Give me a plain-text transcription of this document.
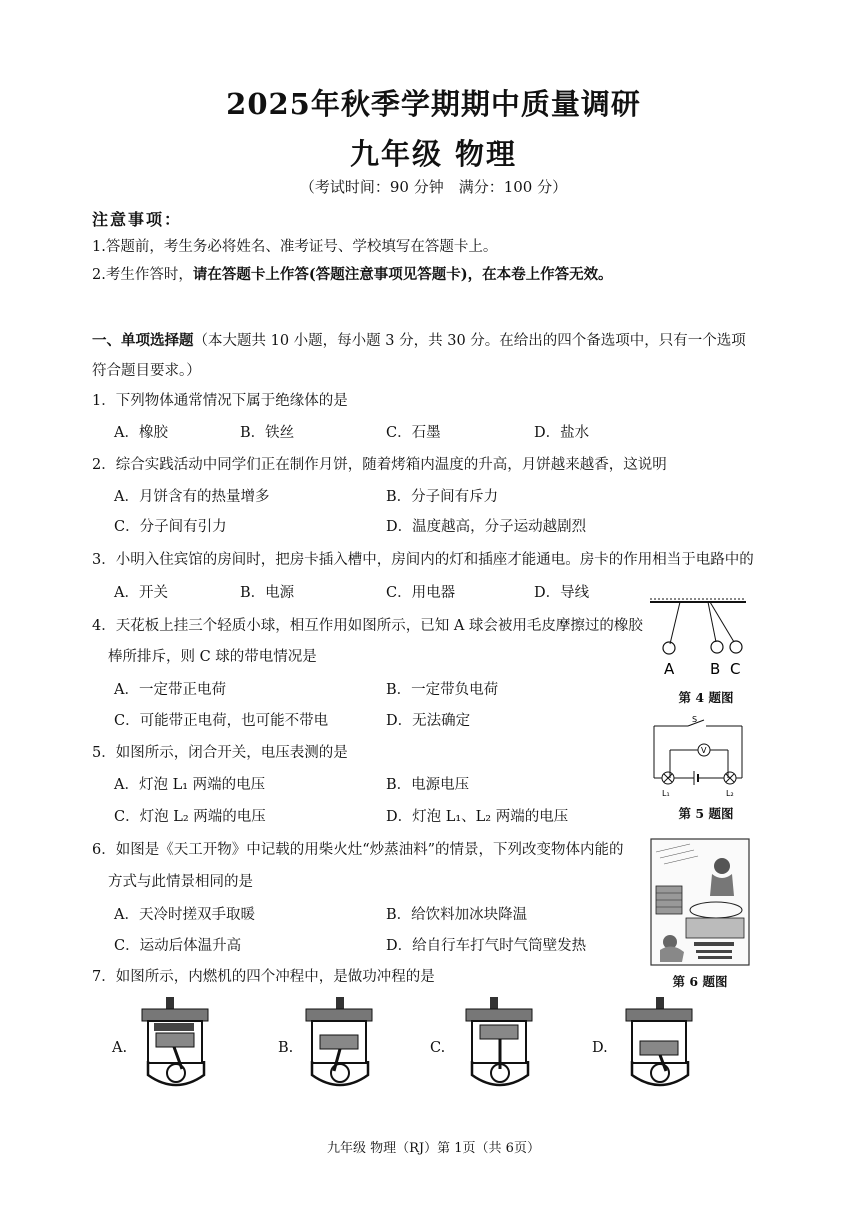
2025年秋季学期期中质量调研
九年级 物理
（考试时间：90 分钟　满分：100 分）
注意事项：
1.答题前，考生务必将姓名、准考证号、学校填写在答题卡上。
2.考生作答时，请在答题卡上作答(答题注意事项见答题卡)，在本卷上作答无效。
一、单项选择题（本大题共 10 小题，每小题 3 分，共 30 分。在给出的四个备选项中，只有一个选项
符合题目要求。）
1．下列物体通常情况下属于绝缘体的是
A．橡胶	B．铁丝	C．石墨	D．盐水
2．综合实践活动中同学们正在制作月饼，随着烤箱内温度的升高，月饼越来越香，这说明
A．月饼含有的热量增多	B．分子间有斥力
C．分子间有引力	D．温度越高，分子运动越剧烈
3．小明入住宾馆的房间时，把房卡插入槽中，房间内的灯和插座才能通电。房卡的作用相当于电路中的
A．开关	B．电源	C．用电器	D．导线
4．天花板上挂三个轻质小球，相互作用如图所示，已知 A 球会被用毛皮摩擦过的橡胶
棒所排斥，则 C 球的带电情况是
A．一定带正电荷	B．一定带负电荷
C．可能带正电荷，也可能不带电	D．无法确定
5．如图所示，闭合开关，电压表测的是
A．灯泡 L₁ 两端的电压	B．电源电压
C．灯泡 L₂ 两端的电压	D．灯泡 L₁、L₂ 两端的电压
6．如图是《天工开物》中记载的用柴火灶“炒蒸油料”的情景，下列改变物体内能的
方式与此情景相同的是
A．天冷时搓双手取暖	B．给饮料加冰块降温
C．运动后体温升高	D．给自行车打气时气筒壁发热
7．如图所示，内燃机的四个冲程中，是做功冲程的是
A.	B.	C.	D.
A B C
第 4 题图
S
V
L₁	L₂
第 5 题图
第 6 题图
九年级 物理（RJ）第 1页（共 6页）
